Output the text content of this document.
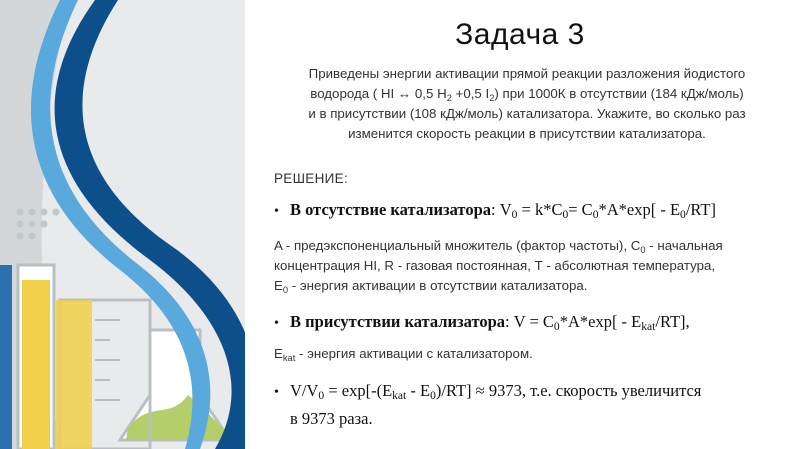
Задача 3
Приведены энергии активации прямой реакции разложения йодистого
водорода ( HI ↔ 0,5 $H_2 +0,5$ $I_2$) при 1000К в отсутствии (184 кДж/моль)
и в присутствии (108 кДж/моль) катализатора. Укажите, во сколько раз
изменится скорость реакции в присутствии катализатора.
РЕШЕНИЕ:
• В отсутствие катализатора: $V_0 = k*C_0= C_0*A*\exp[ - E_0/RT]$
A - предэкспоненциальный множитель (фактор частоты), $C_0$ - начальная
концентрация HI, R - газовая постоянная, T - абсолютная температура,
$E_0$ - энергия активации в отсутствии катализатора.
• В присутствии катализатора: $V = C_0*A*\exp[ - E_{kat}/RT]$,
$E_{kat}$ - энергия активации с катализатором.
• $V/V_0 = \exp[-(E_{kat} - E_0)/RT] \approx 9373$, т.е. скорость увеличится
в 9373 раза.
